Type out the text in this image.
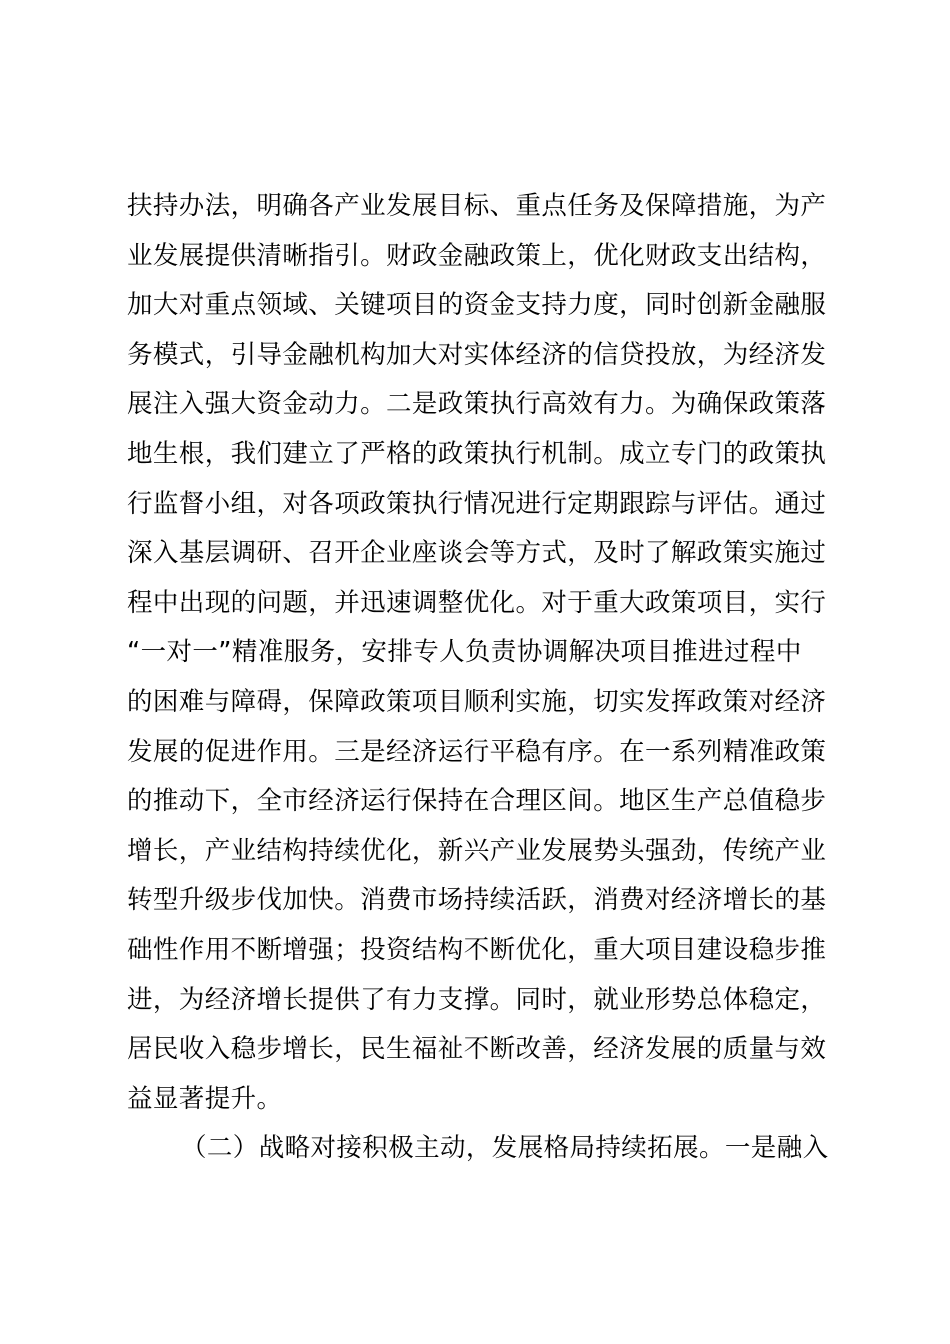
扶持办法，明确各产业发展目标、重点任务及保障措施，为产
业发展提供清晰指引。财政金融政策上，优化财政支出结构，
加大对重点领域、关键项目的资金支持力度，同时创新金融服
务模式，引导金融机构加大对实体经济的信贷投放，为经济发
展注入强大资金动力。二是政策执行高效有力。为确保政策落
地生根，我们建立了严格的政策执行机制。成立专门的政策执
行监督小组，对各项政策执行情况进行定期跟踪与评估。通过
深入基层调研、召开企业座谈会等方式，及时了解政策实施过
程中出现的问题，并迅速调整优化。对于重大政策项目，实行
“一对一”精准服务，安排专人负责协调解决项目推进过程中
的困难与障碍，保障政策项目顺利实施，切实发挥政策对经济
发展的促进作用。三是经济运行平稳有序。在一系列精准政策
的推动下，全市经济运行保持在合理区间。地区生产总值稳步
增长，产业结构持续优化，新兴产业发展势头强劲，传统产业
转型升级步伐加快。消费市场持续活跃，消费对经济增长的基
础性作用不断增强；投资结构不断优化，重大项目建设稳步推
进，为经济增长提供了有力支撑。同时，就业形势总体稳定，
居民收入稳步增长，民生福祉不断改善，经济发展的质量与效
益显著提升。
（二）战略对接积极主动，发展格局持续拓展。一是融入
